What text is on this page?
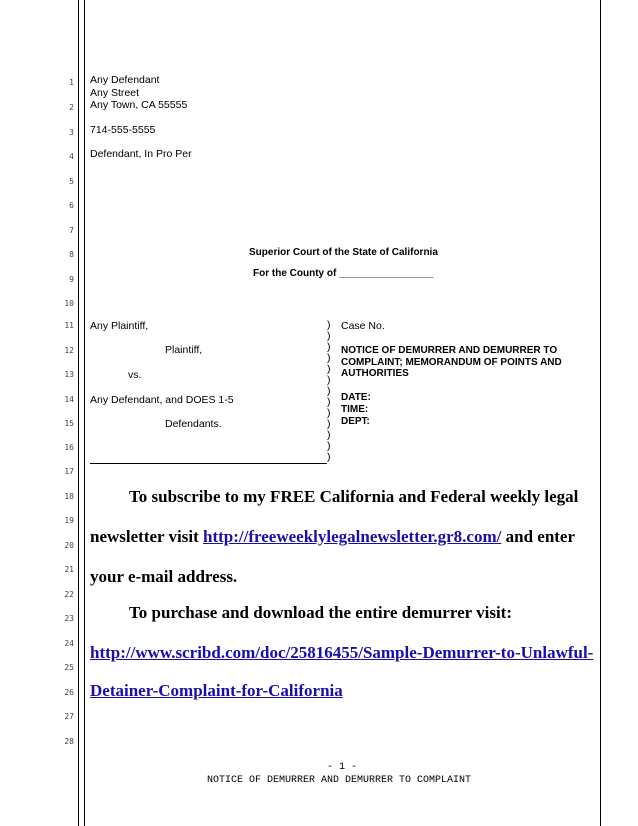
1
2
3
4
5
6
7
8
9
10
11
12
13
14
15
16
17
18
19
20
21
22
23
24
25
26
27
28
Any Defendant
Any Street
Any Town, CA 55555
714-555-5555
Defendant, In Pro Per
Superior Court of the State of California
For the County of _________________
Any Plaintiff,
Plaintiff,
vs.
Any Defendant, and DOES 1-5
Defendants.
)
)
)
)
)
)
)
)
)
)
)
)
)
Case No.
NOTICE OF DEMURRER AND DEMURRER TO
COMPLAINT; MEMORANDUM OF POINTS AND
AUTHORITIES
DATE:
TIME:
DEPT:
To subscribe to my FREE California and Federal weekly legal
newsletter visit http://freeweeklylegalnewsletter.gr8.com/ and enter
your e-mail address.
To purchase and download the entire demurrer visit:
http://www.scribd.com/doc/25816455/Sample-Demurrer-to-Unlawful-
Detainer-Complaint-for-California
- 1 -
NOTICE OF DEMURRER AND DEMURRER TO COMPLAINT
